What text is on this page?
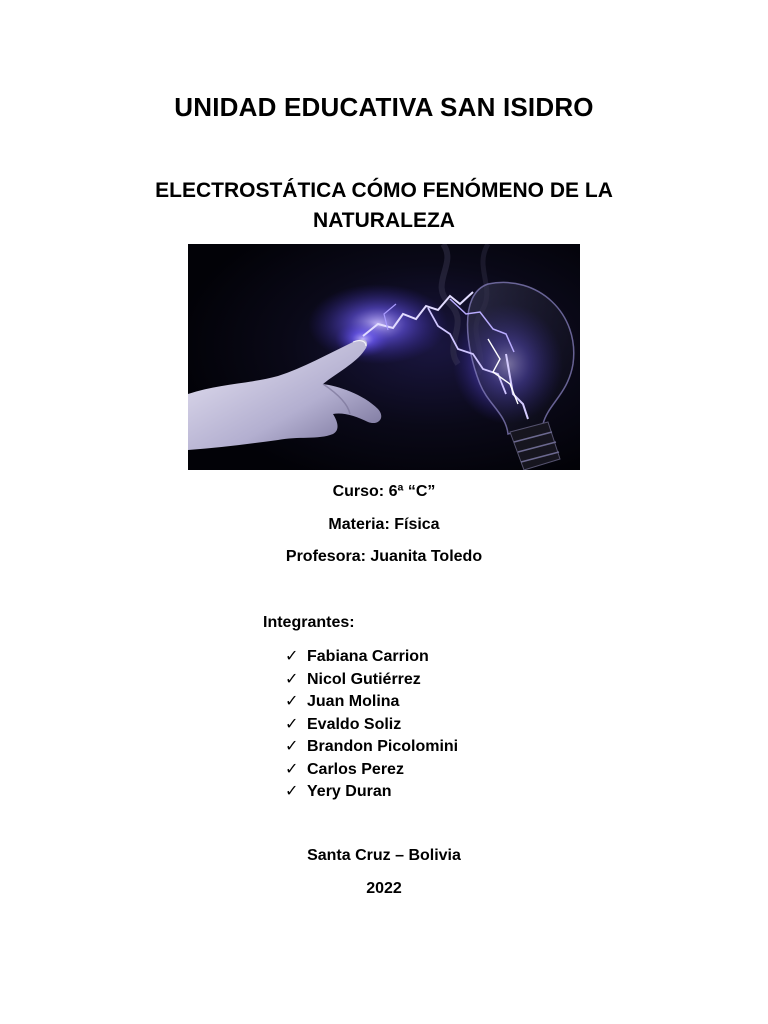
UNIDAD EDUCATIVA SAN ISIDRO
ELECTROSTÁTICA CÓMO FENÓMENO DE LA NATURALEZA
Curso: 6ª “C”
Materia: Física
Profesora: Juanita Toledo
Integrantes:
✓ Fabiana Carrion
✓ Nicol Gutiérrez
✓ Juan Molina
✓ Evaldo Soliz
✓ Brandon Picolomini
✓ Carlos Perez
✓ Yery Duran
Santa Cruz – Bolivia
2022
